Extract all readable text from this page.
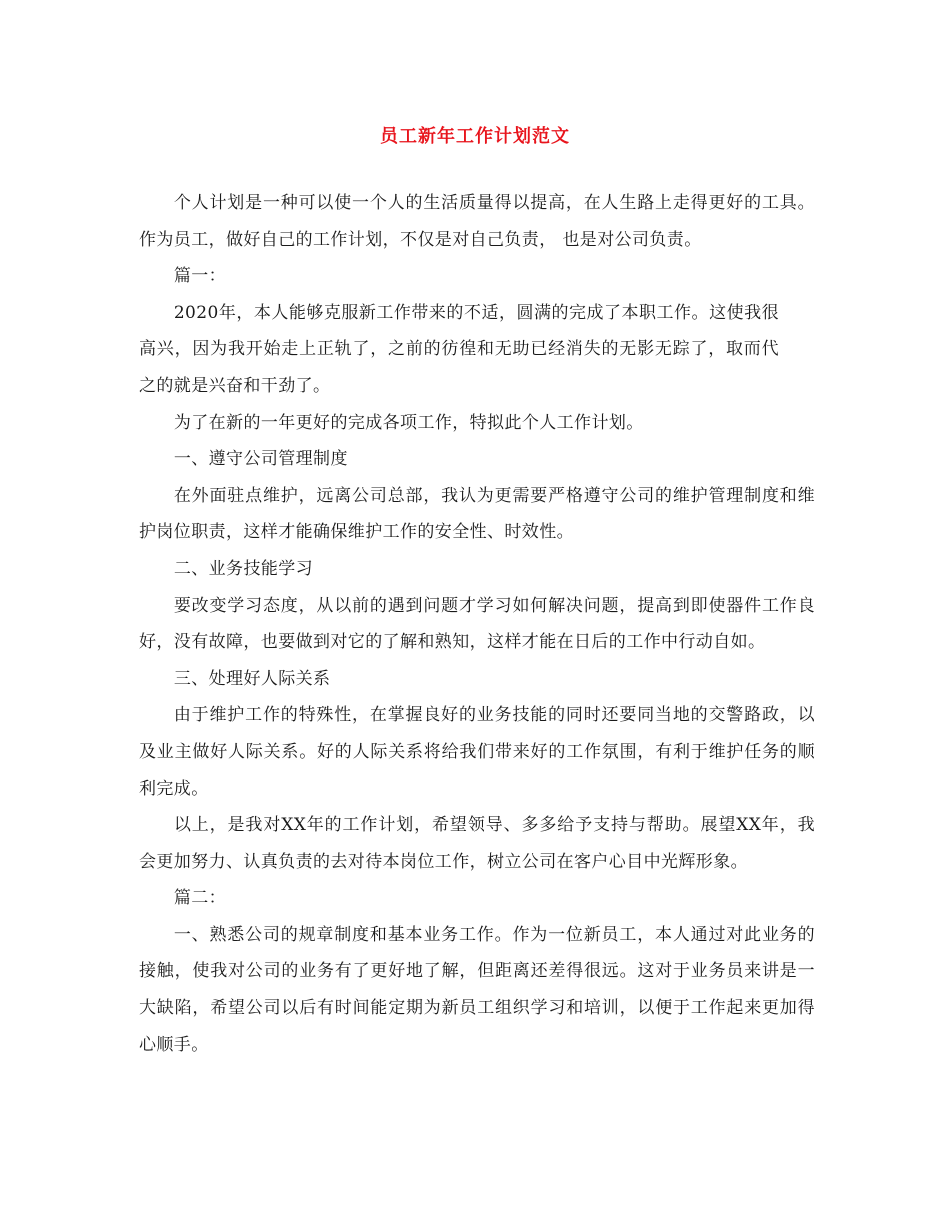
员工新年工作计划范文

个人计划是一种可以使一个人的生活质量得以提高，在人生路上走得更好的工具。作为员工，做好自己的工作计划，不仅是对自己负责， 也是对公司负责。

篇一：

2020年，本人能够克服新工作带来的不适，圆满的完成了本职工作。这使我很高兴，因为我开始走上正轨了，之前的彷徨和无助已经消失的无影无踪了，取而代之的就是兴奋和干劲了。

为了在新的一年更好的完成各项工作，特拟此个人工作计划。

一、遵守公司管理制度

在外面驻点维护，远离公司总部，我认为更需要严格遵守公司的维护管理制度和维护岗位职责，这样才能确保维护工作的安全性、时效性。

二、业务技能学习

要改变学习态度，从以前的遇到问题才学习如何解决问题，提高到即使器件工作良好，没有故障，也要做到对它的了解和熟知，这样才能在日后的工作中行动自如。

三、处理好人际关系

由于维护工作的特殊性，在掌握良好的业务技能的同时还要同当地的交警路政，以及业主做好人际关系。好的人际关系将给我们带来好的工作氛围，有利于维护任务的顺利完成。

以上，是我对XX年的工作计划，希望领导、多多给予支持与帮助。展望XX年，我会更加努力、认真负责的去对待本岗位工作，树立公司在客户心目中光辉形象。

篇二：

一、熟悉公司的规章制度和基本业务工作。作为一位新员工，本人通过对此业务的接触，使我对公司的业务有了更好地了解，但距离还差得很远。这对于业务员来讲是一大缺陷，希望公司以后有时间能定期为新员工组织学习和培训，以便于工作起来更加得心顺手。
